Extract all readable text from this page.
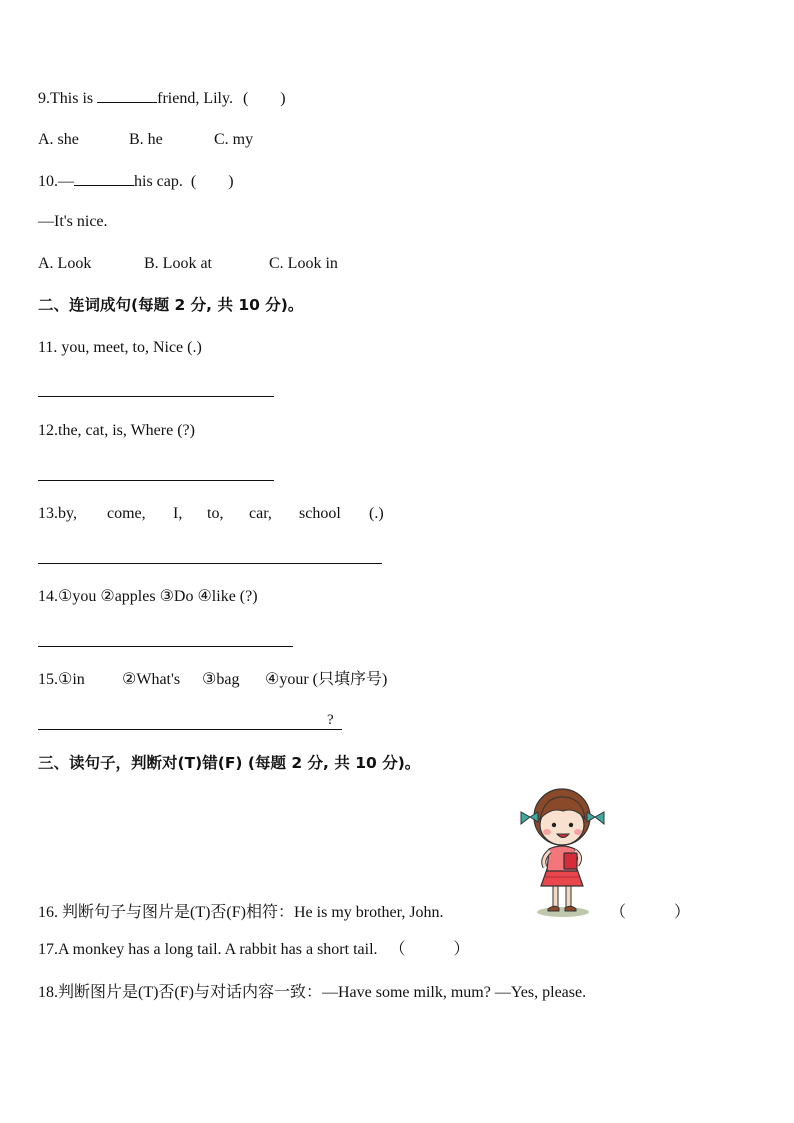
9.This is	friend, Lily. (　　)
A. she	B. he	C. my
10.—	his cap. (　　)
—It's nice.
A. Look	B. Look at	C. Look in
二、连词成句(每题 2 分, 共 10 分)。
11. you, meet, to, Nice (.)
12.the, cat, is, Where (?)
13.by, come, I, to, car, school (.)
14.①you ②apples ③Do ④like (?)
15.①in ②What's ③bag ④your (只填序号)
?
三、读句子，判断对(T)错(F) (每题 2 分, 共 10 分)。
16. 判断句子与图片是(T)否(F)相符：He is my brother, John.	（　　　）
17.A monkey has a long tail. A rabbit has a short tail. （　　　）
18.判断图片是(T)否(F)与对话内容一致：—Have some milk, mum? —Yes, please.
